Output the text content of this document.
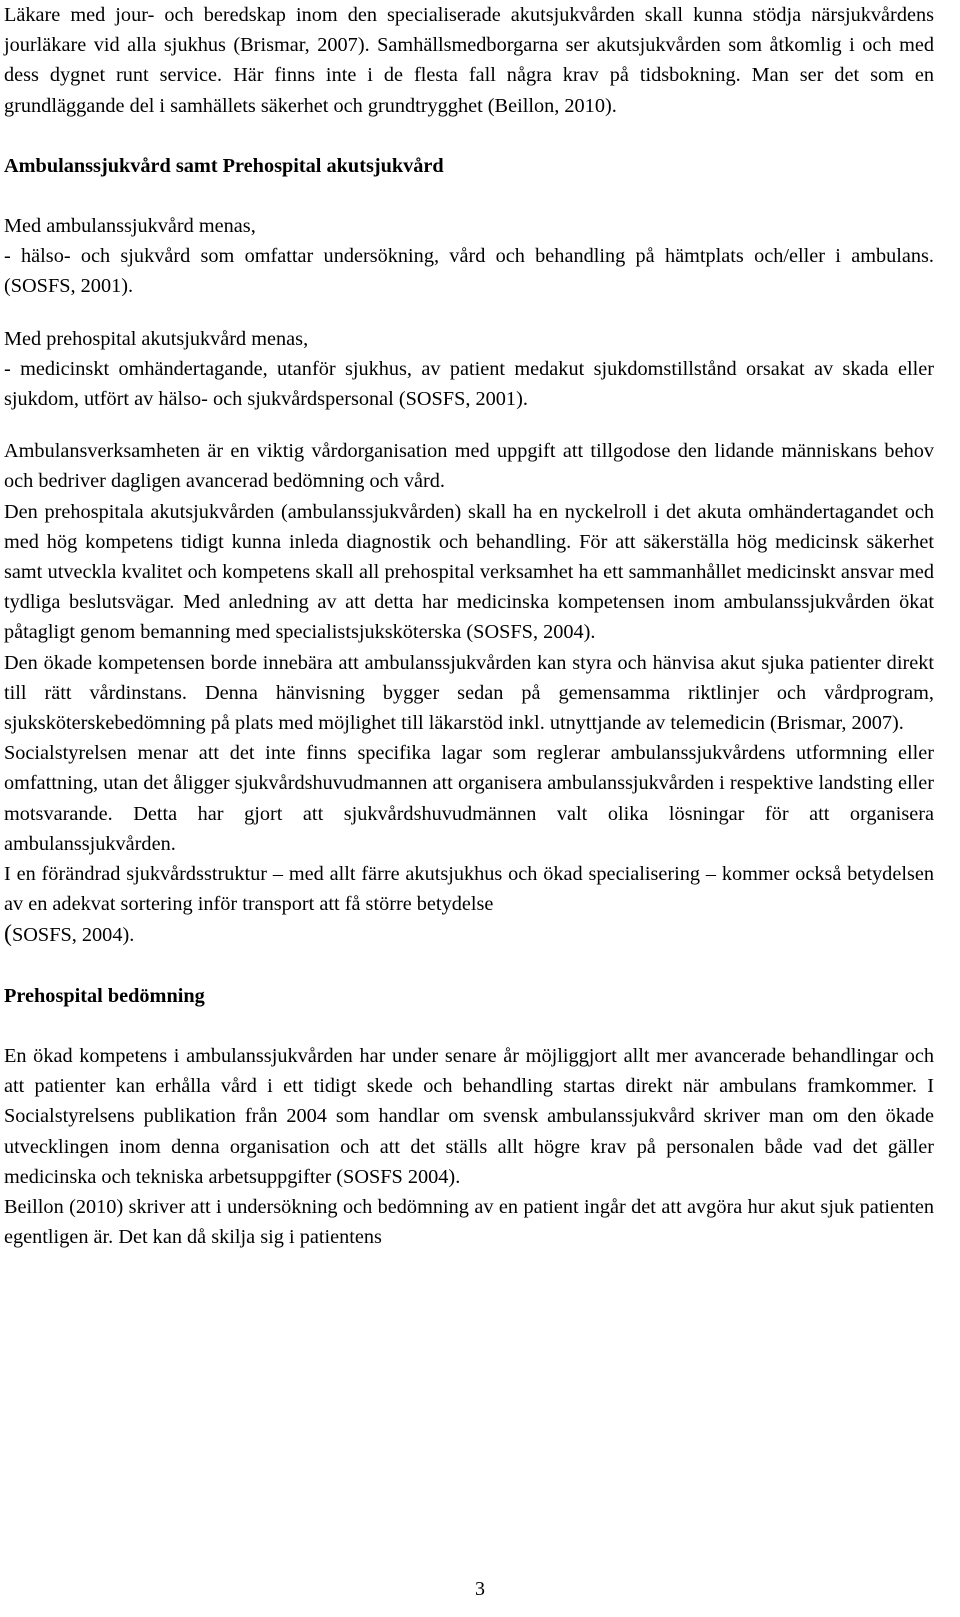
Läkare med jour- och beredskap inom den specialiserade akutsjukvården skall kunna stödja närsjukvårdens jourläkare vid alla sjukhus (Brismar, 2007). Samhällsmedborgarna ser akutsjukvården som åtkomlig i och med dess dygnet runt service. Här finns inte i de flesta fall några krav på tidsbokning. Man ser det som en grundläggande del i samhällets säkerhet och grundtrygghet (Beillon, 2010).

Ambulanssjukvård samt Prehospital akutsjukvård

Med ambulanssjukvård menas,

- hälso- och sjukvård som omfattar undersökning, vård och behandling på hämtplats och/eller i ambulans. (SOSFS, 2001).

Med prehospital akutsjukvård menas,

- medicinskt omhändertagande, utanför sjukhus, av patient medakut sjukdomstillstånd orsakat av skada eller sjukdom, utfört av hälso- och sjukvårdspersonal (SOSFS, 2001).

Ambulansverksamheten är en viktig vårdorganisation med uppgift att tillgodose den lidande människans behov och bedriver dagligen avancerad bedömning och vård.

Den prehospitala akutsjukvården (ambulanssjukvården) skall ha en nyckelroll i det akuta omhändertagandet och med hög kompetens tidigt kunna inleda diagnostik och behandling. För att säkerställa hög medicinsk säkerhet samt utveckla kvalitet och kompetens skall all prehospital verksamhet ha ett sammanhållet medicinskt ansvar med tydliga beslutsvägar. Med anledning av att detta har medicinska kompetensen inom ambulanssjukvården ökat påtagligt genom bemanning med specialistsjuksköterska (SOSFS, 2004).

Den ökade kompetensen borde innebära att ambulanssjukvården kan styra och hänvisa akut sjuka patienter direkt till rätt vårdinstans. Denna hänvisning bygger sedan på gemensamma riktlinjer och vårdprogram, sjuksköterskebedömning på plats med möjlighet till läkarstöd inkl. utnyttjande av telemedicin (Brismar, 2007).

Socialstyrelsen menar att det inte finns specifika lagar som reglerar ambulanssjukvårdens utformning eller omfattning, utan det åligger sjukvårdshuvudmannen att organisera ambulanssjukvården i respektive landsting eller motsvarande. Detta har gjort att sjukvårdshuvudmännen valt olika lösningar för att organisera ambulanssjukvården.

I en förändrad sjukvårdsstruktur – med allt färre akutsjukhus och ökad specialisering – kommer också betydelsen av en adekvat sortering inför transport att få större betydelse
(SOSFS, 2004).

Prehospital bedömning

En ökad kompetens i ambulanssjukvården har under senare år möjliggjort allt mer avancerade behandlingar och att patienter kan erhålla vård i ett tidigt skede och behandling startas direkt när ambulans framkommer. I Socialstyrelsens publikation från 2004 som handlar om svensk ambulanssjukvård skriver man om den ökade utvecklingen inom denna organisation och att det ställs allt högre krav på personalen både vad det gäller medicinska och tekniska arbetsuppgifter (SOSFS 2004).

Beillon (2010) skriver att i undersökning och bedömning av en patient ingår det att avgöra hur akut sjuk patienten egentligen är. Det kan då skilja sig i patientens

3
